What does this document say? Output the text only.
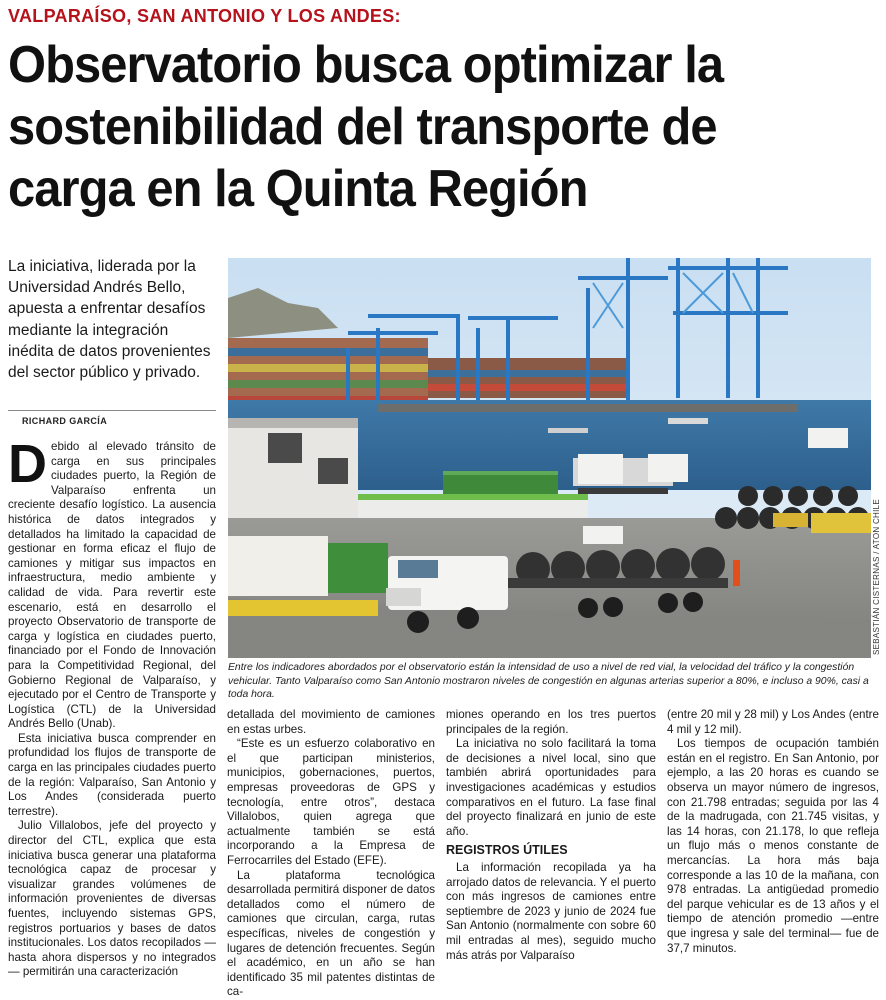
VALPARAÍSO, SAN ANTONIO Y LOS ANDES:
Observatorio busca optimizar la sostenibilidad del transporte de carga en la Quinta Región
La iniciativa, liderada por la Universidad Andrés Bello, apuesta a enfrentar desafíos mediante la integración inédita de datos provenientes del sector público y privado.
RICHARD GARCÍA

Debido al elevado tránsito de carga en sus principales ciudades puerto, la Región de Valparaíso enfrenta un creciente desafío logístico. La ausencia histórica de datos integrados y detallados ha limitado la capacidad de gestionar en forma eficaz el flujo de camiones y mitigar sus impactos en infraestructura, medio ambiente y calidad de vida. Para revertir este escenario, está en desarrollo el proyecto Observatorio de transporte de carga y logística en ciudades puerto, financiado por el Fondo de Innovación para la Competitividad Regional, del Gobierno Regional de Valparaíso, y ejecutado por el Centro de Transporte y Logística (CTL) de la Universidad Andrés Bello (Unab).

Esta iniciativa busca comprender en profundidad los flujos de transporte de carga en las principales ciudades puerto de la región: Valparaíso, San Antonio y Los Andes (considerada puerto terrestre).

Julio Villalobos, jefe del proyecto y director del CTL, explica que esta iniciativa busca generar una plataforma tecnológica capaz de procesar y visualizar grandes volúmenes de información provenientes de diversas fuentes, incluyendo sistemas GPS, registros portuarios y bases de datos institucionales. Los datos recopilados —hasta ahora dispersos y no integrados— permitirán una caracterización

detallada del movimiento de camiones en estas urbes.

“Este es un esfuerzo colaborativo en el que participan ministerios, municipios, gobernaciones, puertos, empresas proveedoras de GPS y tecnología, entre otros”, destaca Villalobos, quien agrega que actualmente también se está incorporando a la Empresa de Ferrocarriles del Estado (EFE).

La plataforma tecnológica desarrollada permitirá disponer de datos detallados como el número de camiones que circulan, carga, rutas específicas, niveles de congestión y lugares de detención frecuentes. Según el académico, en un año se han identificado 35 mil patentes distintas de ca-

miones operando en los tres puertos principales de la región.

La iniciativa no solo facilitará la toma de decisiones a nivel local, sino que también abrirá oportunidades para investigaciones académicas y estudios comparativos en el futuro. La fase final del proyecto finalizará en junio de este año.

REGISTROS ÚTILES

La información recopilada ya ha arrojado datos de relevancia. Y el puerto con más ingresos de camiones entre septiembre de 2023 y junio de 2024 fue San Antonio (normalmente con sobre 60 mil entradas al mes), seguido mucho más atrás por Valparaíso

(entre 20 mil y 28 mil) y Los Andes (entre 4 mil y 12 mil).

Los tiempos de ocupación también están en el registro. En San Antonio, por ejemplo, a las 20 horas es cuando se observa un mayor número de ingresos, con 21.798 entradas; seguida por las 4 de la madrugada, con 21.745 visitas, y las 14 horas, con 21.178, lo que refleja un flujo más o menos constante de mercancías. La hora más baja corresponde a las 10 de la mañana, con 978 entradas. La antigüedad promedio del parque vehicular es de 13 años y el tiempo de atención promedio —entre que ingresa y sale del terminal— fue de 37,7 minutos.

SEBASTIÁN CISTERNAS / ATON CHILE
Entre los indicadores abordados por el observatorio están la intensidad de uso a nivel de red vial, la velocidad del tráfico y la congestión vehicular. Tanto Valparaíso como San Antonio mostraron niveles de congestión en algunas arterias superior a 80%, e incluso a 90%, casi a toda hora.
